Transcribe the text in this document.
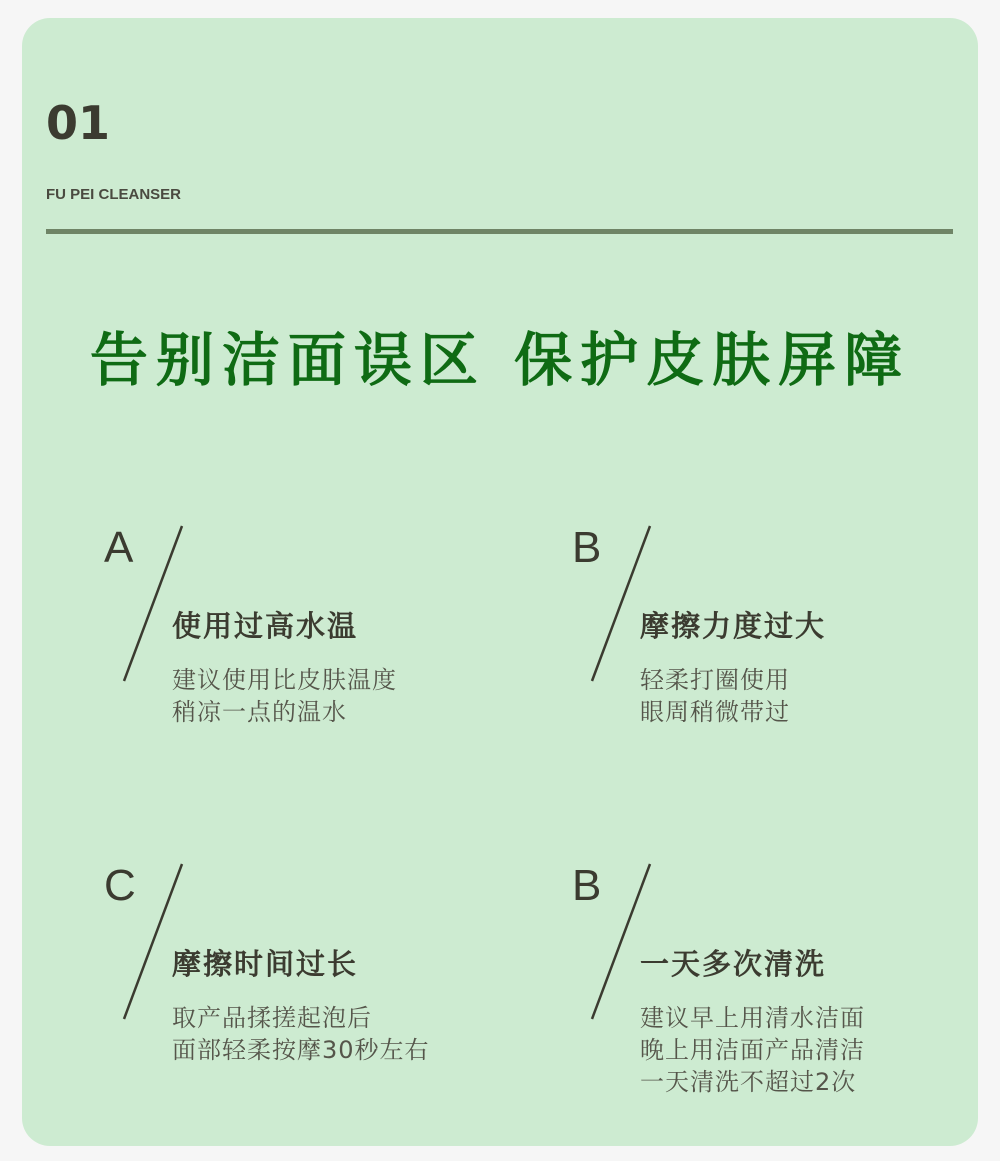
01
FU PEI CLEANSER
告别洁面误区 保护皮肤屏障
A
使用过高水温
建议使用比皮肤温度
稍凉一点的温水
B
摩擦力度过大
轻柔打圈使用
眼周稍微带过
C
摩擦时间过长
取产品揉搓起泡后
面部轻柔按摩30秒左右
B
一天多次清洗
建议早上用清水洁面
晚上用洁面产品清洁
一天清洗不超过2次
